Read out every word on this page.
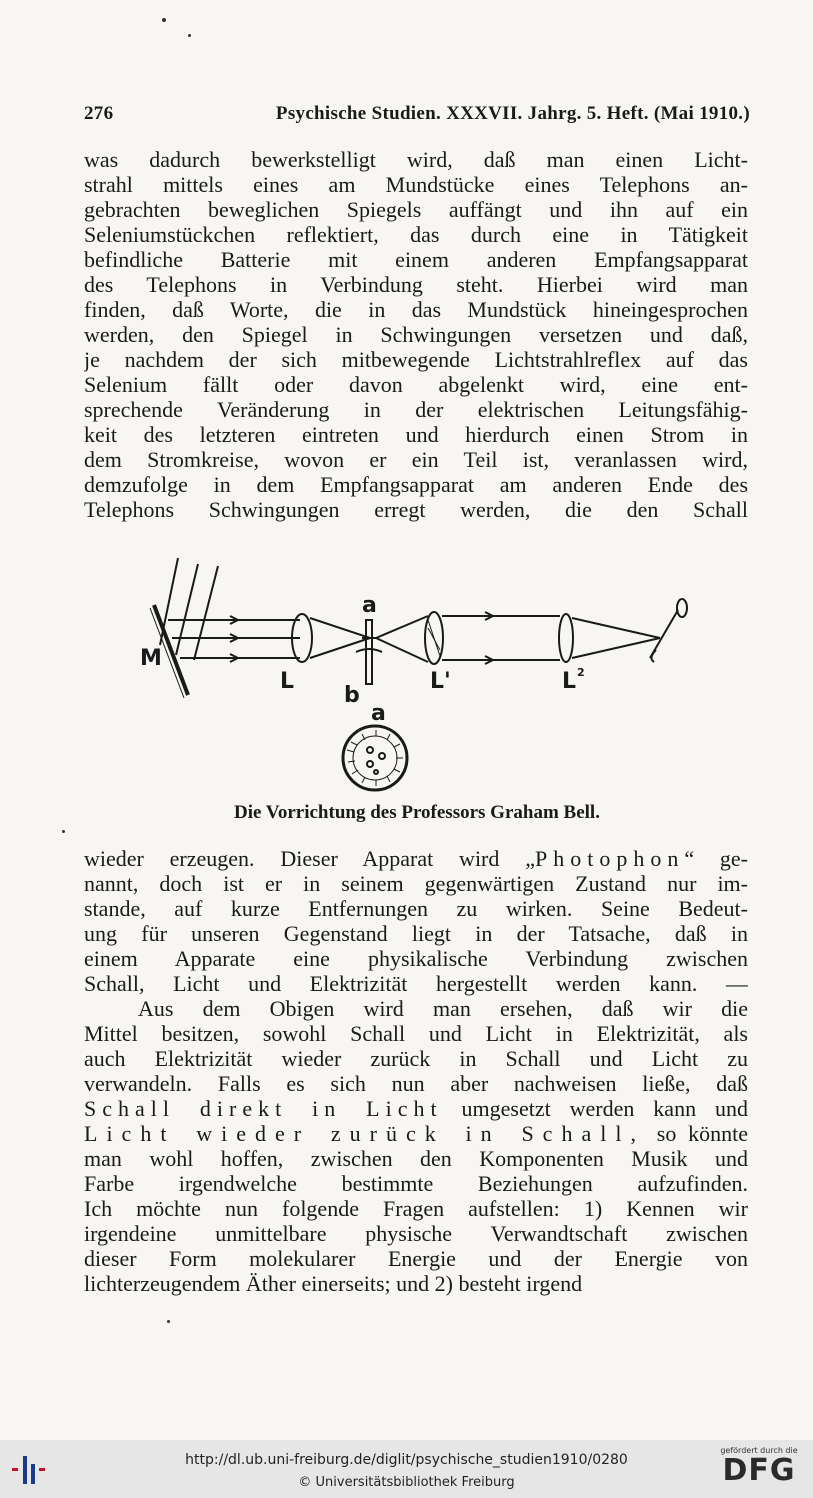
276	Psychische Studien. XXXVII. Jahrg. 5. Heft. (Mai 1910.)
was dadurch bewerkstelligt wird, daß man einen Licht-
strahl mittels eines am Mundstücke eines Telephons an-
gebrachten beweglichen Spiegels auffängt und ihn auf ein
Seleniumstückchen reflektiert, das durch eine in Tätigkeit
befindliche Batterie mit einem anderen Empfangsapparat
des Telephons in Verbindung steht. Hierbei wird man
finden, daß Worte, die in das Mundstück hineingesprochen
werden, den Spiegel in Schwingungen versetzen und daß,
je nachdem der sich mitbewegende Lichtstrahlreflex auf das
Selenium fällt oder davon abgelenkt wird, eine ent-
sprechende Veränderung in der elektrischen Leitungsfähig-
keit des letzteren eintreten und hierdurch einen Strom in
dem Stromkreise, wovon er ein Teil ist, veranlassen wird,
demzufolge in dem Empfangsapparat am anderen Ende des
Telephons Schwingungen erregt werden, die den Schall
M
L
a
b
L'	L 2
a
Die Vorrichtung des Professors Graham Bell.
wieder erzeugen. Dieser Apparat wird „Photophon“ ge-
nannt, doch ist er in seinem gegenwärtigen Zustand nur im-
stande, auf kurze Entfernungen zu wirken. Seine Bedeut-
ung für unseren Gegenstand liegt in der Tatsache, daß in
einem Apparate eine physikalische Verbindung zwischen
Schall, Licht und Elektrizität hergestellt werden kann. —
Aus dem Obigen wird man ersehen, daß wir die
Mittel besitzen, sowohl Schall und Licht in Elektrizität, als
auch Elektrizität wieder zurück in Schall und Licht zu
verwandeln. Falls es sich nun aber nachweisen ließe, daß
Schall direkt in Licht umgesetzt werden kann und
Licht wieder zurück in Schall, so könnte
man wohl hoffen, zwischen den Komponenten Musik und
Farbe irgendwelche bestimmte Beziehungen aufzufinden.
Ich möchte nun folgende Fragen aufstellen: 1) Kennen wir
irgendeine unmittelbare physische Verwandtschaft zwischen
dieser Form molekularer Energie und der Energie von
lichterzeugendem Äther einerseits; und 2) besteht irgend
http://dl.ub.uni-freiburg.de/diglit/psychische_studien1910/0280
© Universitätsbibliothek Freiburg
gefördert durch die
DFG
